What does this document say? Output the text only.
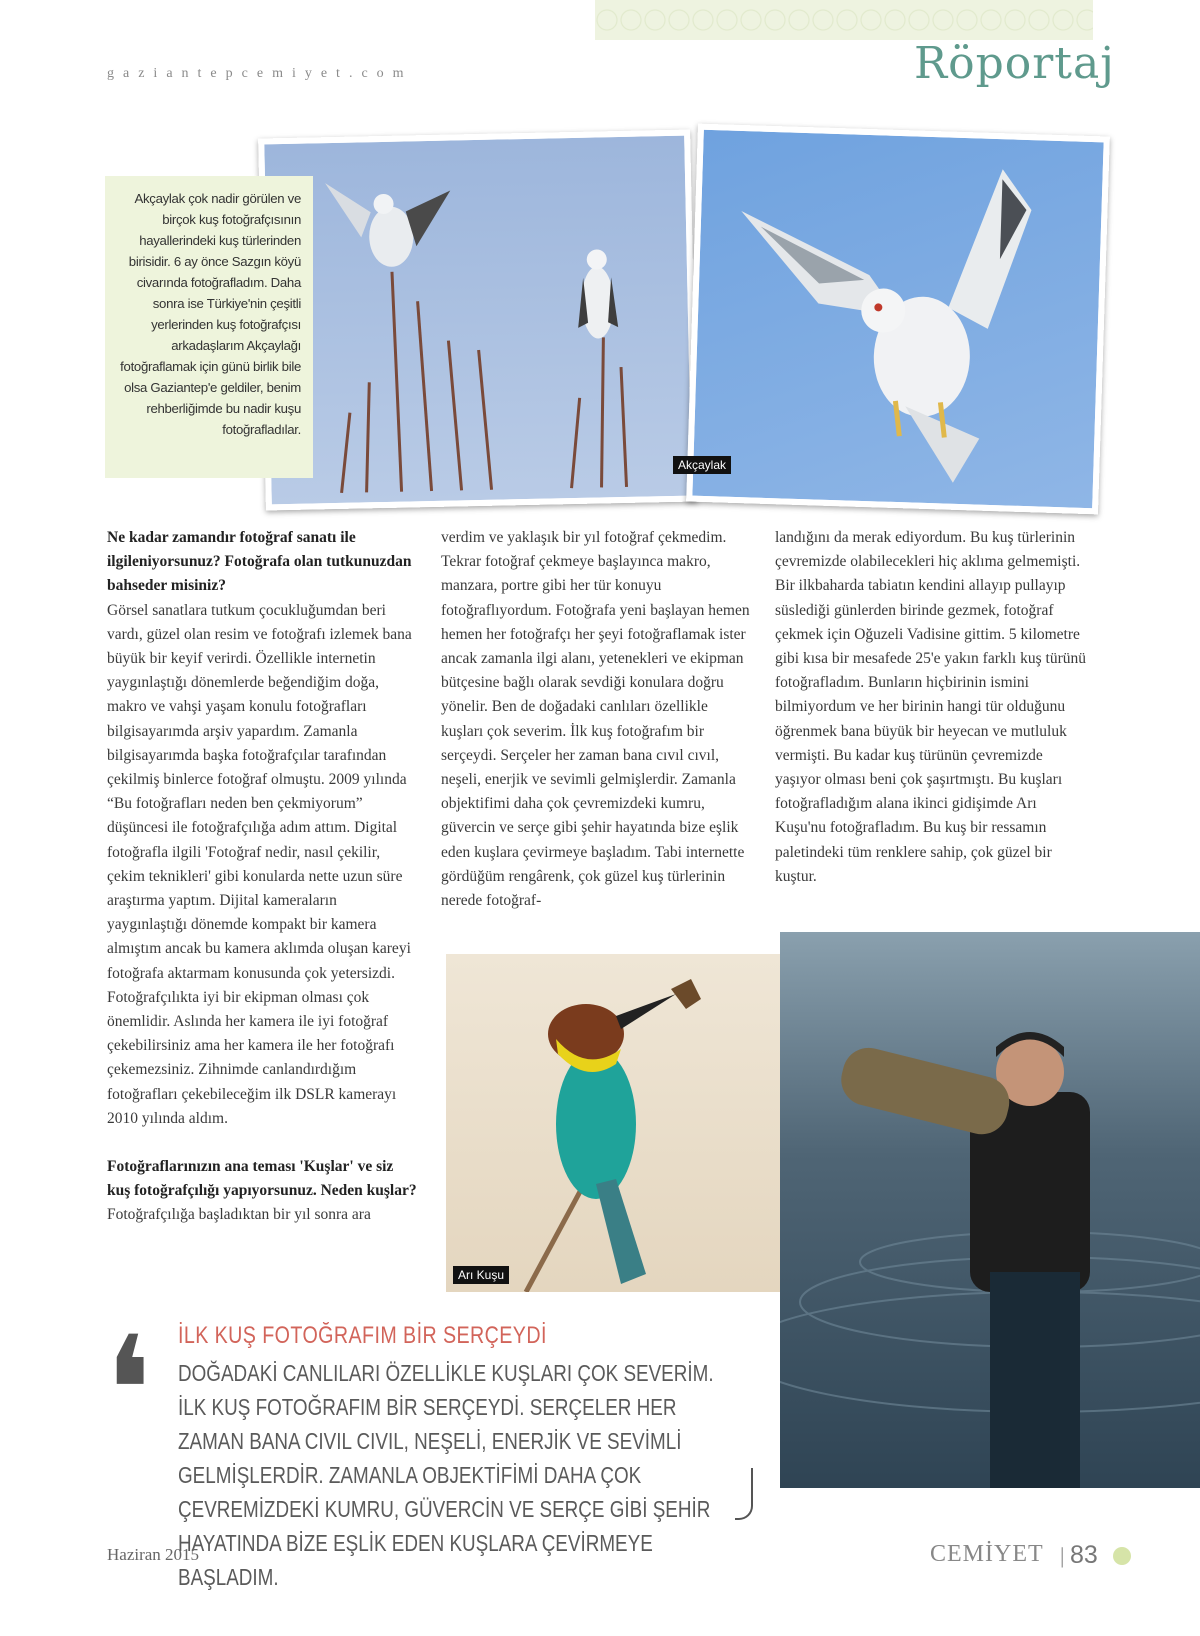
gaziantepcemiyet.com	Röportaj
Akçaylak
Akçaylak çok nadir görülen ve birçok kuş fotoğrafçısının hayallerindeki kuş türlerinden birisidir. 6 ay önce Sazgın köyü civarında fotoğrafladım. Daha sonra ise Türkiye'nin çeşitli yerlerinden kuş fotoğrafçısı arkadaşlarım Akçaylağı fotoğraflamak için günü birlik bile olsa Gaziantep'e geldiler, benim rehberliğimde bu nadir kuşu fotoğrafladılar.

Ne kadar zamandır fotoğraf sanatı ile ilgileniyorsunuz? Fotoğrafa olan tutkunuzdan bahseder misiniz?

Görsel sanatlara tutkum çocukluğumdan beri vardı, güzel olan resim ve fotoğrafı izlemek bana büyük bir keyif verirdi. Özellikle internetin yaygınlaştığı dönemlerde beğendiğim doğa, makro ve vahşi yaşam konulu fotoğrafları bilgisayarımda arşiv yapardım. Zamanla bilgisayarımda başka fotoğrafçılar tarafından çekilmiş binlerce fotoğraf olmuştu. 2009 yılında “Bu fotoğrafları neden ben çekmiyorum” düşüncesi ile fotoğrafçılığa adım attım. Digital fotoğrafla ilgili 'Fotoğraf nedir, nasıl çekilir, çekim teknikleri' gibi konularda nette uzun süre araştırma yaptım. Dijital kameraların yaygınlaştığı dönemde kompakt bir kamera almıştım ancak bu kamera aklımda oluşan kareyi fotoğrafa aktarmam konusunda çok yetersizdi. Fotoğrafçılıkta iyi bir ekipman olması çok önemlidir. Aslında her kamera ile iyi fotoğraf çekebilirsiniz ama her kamera ile her fotoğrafı çekemezsiniz. Zihnimde canlandırdığım fotoğrafları çekebileceğim ilk DSLR kamerayı 2010 yılında aldım.

Fotoğraflarınızın ana teması 'Kuşlar' ve siz kuş fotoğrafçılığı yapıyorsunuz. Neden kuşlar?

Fotoğrafçılığa başladıktan bir yıl sonra ara

verdim ve yaklaşık bir yıl fotoğraf çekmedim. Tekrar fotoğraf çekmeye başlayınca makro, manzara, portre gibi her tür konuyu fotoğraflıyordum. Fotoğrafa yeni başlayan hemen hemen her fotoğrafçı her şeyi fotoğraflamak ister ancak zamanla ilgi alanı, yetenekleri ve ekipman bütçesine bağlı olarak sevdiği konulara doğru yönelir. Ben de doğadaki canlıları özellikle kuşları çok severim. İlk kuş fotoğrafım bir serçeydi. Serçeler her zaman bana cıvıl cıvıl, neşeli, enerjik ve sevimli gelmişlerdir. Zamanla objektifimi daha çok çevremizdeki kumru, güvercin ve serçe gibi şehir hayatında bize eşlik eden kuşlara çevirmeye başladım. Tabi internette gördüğüm rengârenk, çok güzel kuş türlerinin nerede fotoğraf-

landığını da merak ediyordum. Bu kuş türlerinin çevremizde olabilecekleri hiç aklıma gelmemişti. Bir ilkbaharda tabiatın kendini allayıp pullayıp süslediği günlerden birinde gezmek, fotoğraf çekmek için Oğuzeli Vadisine gittim. 5 kilometre gibi kısa bir mesafede 25'e yakın farklı kuş türünü fotoğrafladım. Bunların hiçbirinin ismini bilmiyordum ve her birinin hangi tür olduğunu öğrenmek bana büyük bir heyecan ve mutluluk vermişti. Bu kadar kuş türünün çevremizde yaşıyor olması beni çok şaşırtmıştı. Bu kuşları fotoğrafladığım alana ikinci gidişimde Arı Kuşu'nu fotoğrafladım. Bu kuş bir ressamın paletindeki tüm renklere sahip, çok güzel bir kuştur.

Arı Kuşu
❛ İLK KUŞ FOTOĞRAFIM BİR SERÇEYDİ
DOĞADAKİ CANLILARI ÖZELLİKLE KUŞLARI ÇOK SEVERİM. İLK KUŞ FOTOĞRAFIM BİR SERÇEYDİ. SERÇELER HER ZAMAN BANA CIVIL CIVIL, NEŞELİ, ENERJİK VE SEVİMLİ GELMİŞLERDİR. ZAMANLA OBJEKTİFİMİ DAHA ÇOK ÇEVREMİZDEKİ KUMRU, GÜVERCİN VE SERÇE GİBİ ŞEHİR HAYATINDA BİZE EŞLİK EDEN KUŞLARA ÇEVİRMEYE BAŞLADIM.
Haziran 2015	CEMİYET | 83
